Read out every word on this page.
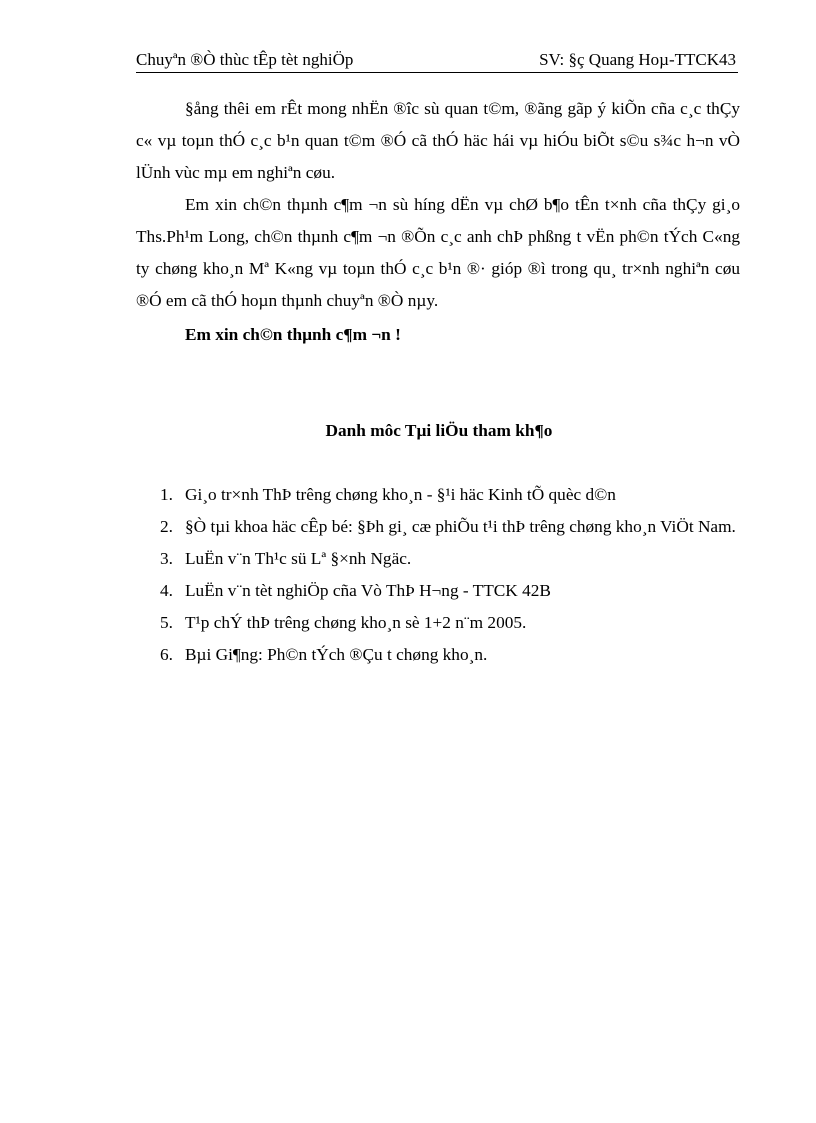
Chuyªn ®Ò thùc tÊp tèt nghiÖp	SV: §ç Quang Hoµ-TTCK43

§ång thêi em rÊt mong nhËn ®îc sù quan t©m, ®ãng gãp ý kiÕn cña c¸c thÇy c« vµ toµn thÓ c¸c b¹n quan t©m ®Ó cã thÓ häc hái vµ hiÓu biÕt s©u s¾c h¬n vÒ lÜnh vùc mµ em nghiªn cøu.

Em xin ch©n thµnh c¶m ¬n sù híng dËn vµ chØ b¶o tÊn t×nh cña thÇy gi¸o Ths.Ph¹m Long, ch©n thµnh c¶m ¬n ®Õn c¸c anh chÞ phßng t vËn ph©n tÝch C«ng ty chøng kho¸n Mª K«ng vµ toµn thÓ c¸c b¹n ®· gióp ®ì trong qu¸ tr×nh nghiªn cøu ®Ó em cã thÓ hoµn thµnh chuyªn ®Ò nµy.

Em xin ch©n thµnh c¶m ¬n !

Danh môc Tµi liÖu tham kh¶o
1. Gi¸o tr×nh ThÞ trêng chøng kho¸n - §¹i häc Kinh tÕ quèc d©n
2. §Ò tµi khoa häc cÊp bé: §Þh gi¸ cæ phiÕu t¹i thÞ trêng chøng kho¸n ViÖt Nam.
3. LuËn v¨n Th¹c sü Lª §×nh Ngäc.
4. LuËn v¨n tèt nghiÖp cña Vò ThÞ H¬ng - TTCK 42B
5. T¹p chÝ thÞ trêng chøng kho¸n sè 1+2 n¨m 2005.
6. Bµi Gi¶ng: Ph©n tÝch ®Çu t chøng kho¸n.
